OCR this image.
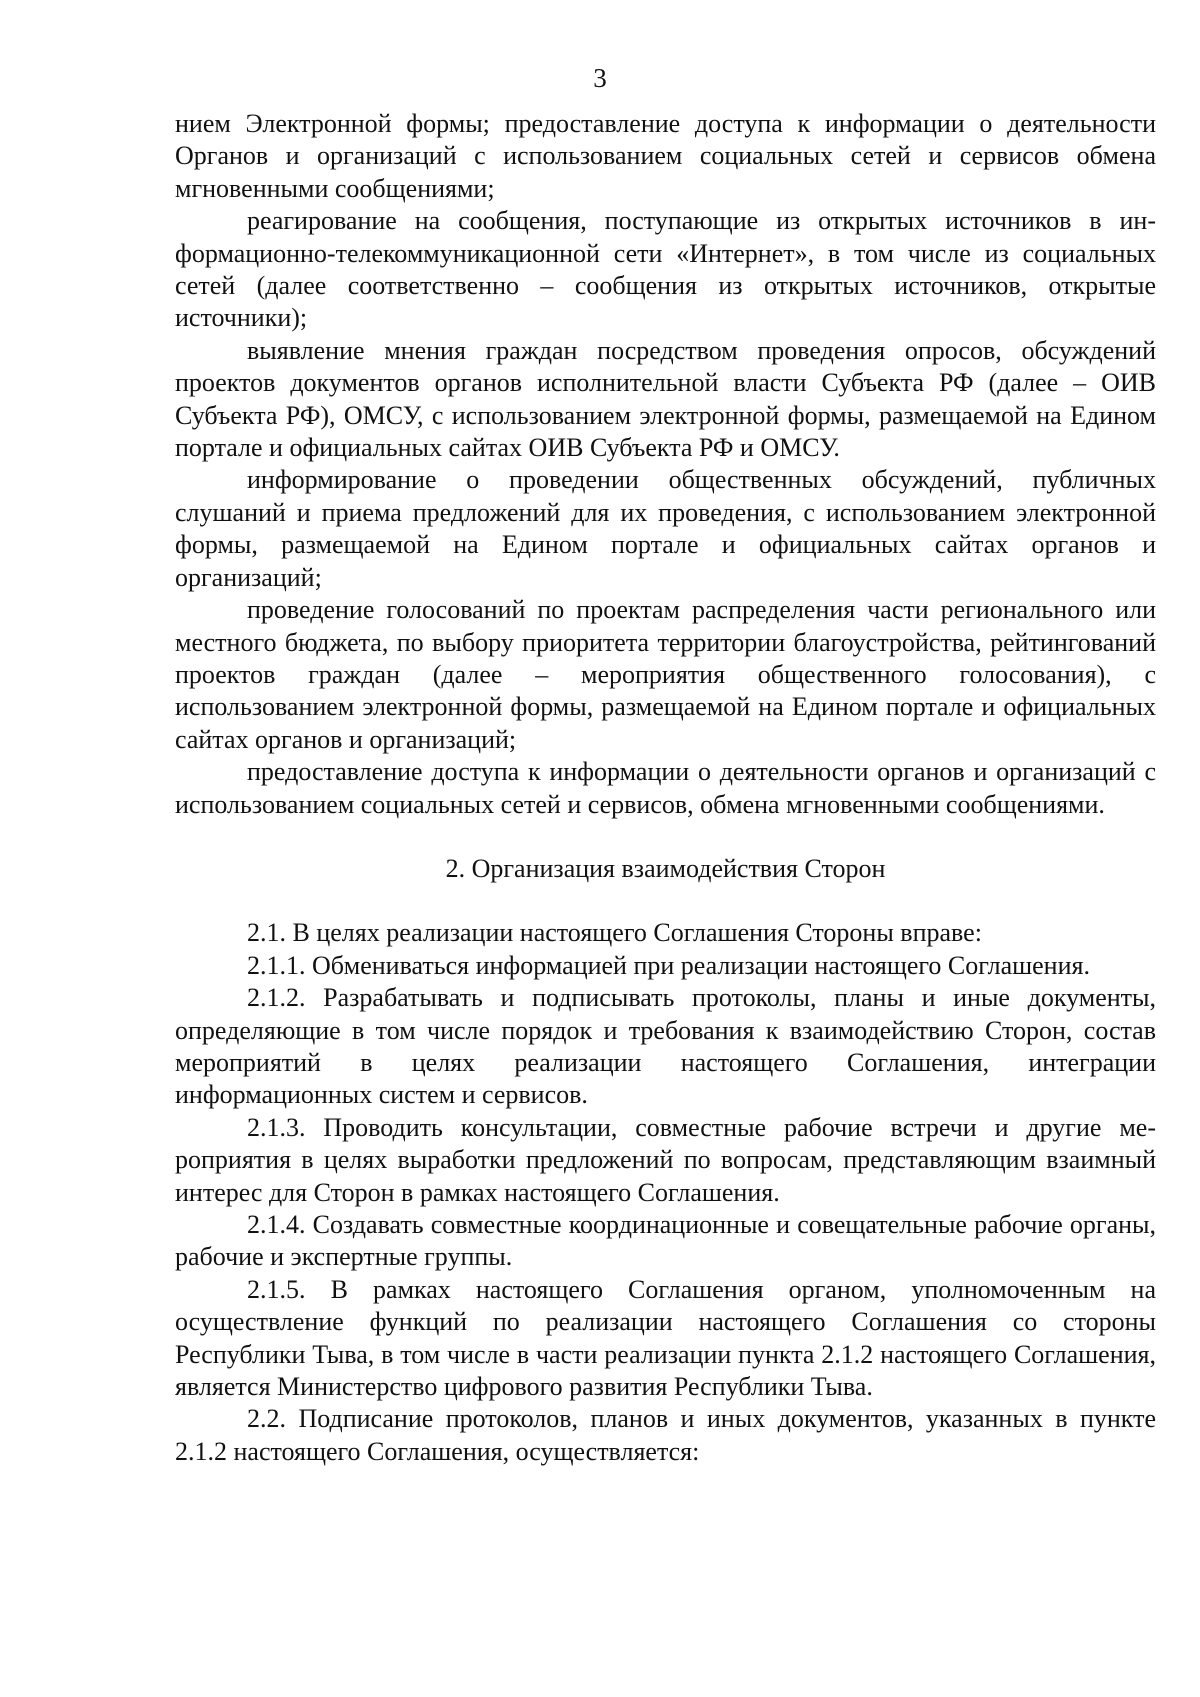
3

нием Электронной формы; предоставление доступа к информации о деятельности Органов и организаций с использованием социальных сетей и сервисов обмена мгновенными сообщениями;

реагирование на сообщения, поступающие из открытых источников в информационно-телекоммуникационной сети «Интернет», в том числе из социальных сетей (далее соответственно – сообщения из открытых источников, открытые источники);

выявление мнения граждан посредством проведения опросов, обсуждений проектов документов органов исполнительной власти Субъекта РФ (далее – ОИВ Субъекта РФ), ОМСУ, с использованием электронной формы, размещаемой на Едином портале и официальных сайтах ОИВ Субъекта РФ и ОМСУ.

информирование о проведении общественных обсуждений, публичных слушаний и приема предложений для их проведения, с использованием электронной формы, размещаемой на Едином портале и официальных сайтах органов и организаций;

проведение голосований по проектам распределения части регионального или местного бюджета, по выбору приоритета территории благоустройства, рейтингований проектов граждан (далее – мероприятия общественного голосования), с использованием электронной формы, размещаемой на Едином портале и официальных сайтах органов и организаций;

предоставление доступа к информации о деятельности органов и организаций с использованием социальных сетей и сервисов, обмена мгновенными сообщениями.

2. Организация взаимодействия Сторон

2.1. В целях реализации настоящего Соглашения Стороны вправе:

2.1.1. Обмениваться информацией при реализации настоящего Соглашения.

2.1.2. Разрабатывать и подписывать протоколы, планы и иные документы, определяющие в том числе порядок и требования к взаимодействию Сторон, состав мероприятий в целях реализации настоящего Соглашения, интеграции информационных систем и сервисов.

2.1.3. Проводить консультации, совместные рабочие встречи и другие мероприятия в целях выработки предложений по вопросам, представляющим взаимный интерес для Сторон в рамках настоящего Соглашения.

2.1.4. Создавать совместные координационные и совещательные рабочие органы, рабочие и экспертные группы.

2.1.5. В рамках настоящего Соглашения органом, уполномоченным на осуществление функций по реализации настоящего Соглашения со стороны Республики Тыва, в том числе в части реализации пункта 2.1.2 настоящего Соглашения, является Министерство цифрового развития Республики Тыва.

2.2. Подписание протоколов, планов и иных документов, указанных в пункте 2.1.2 настоящего Соглашения, осуществляется:
